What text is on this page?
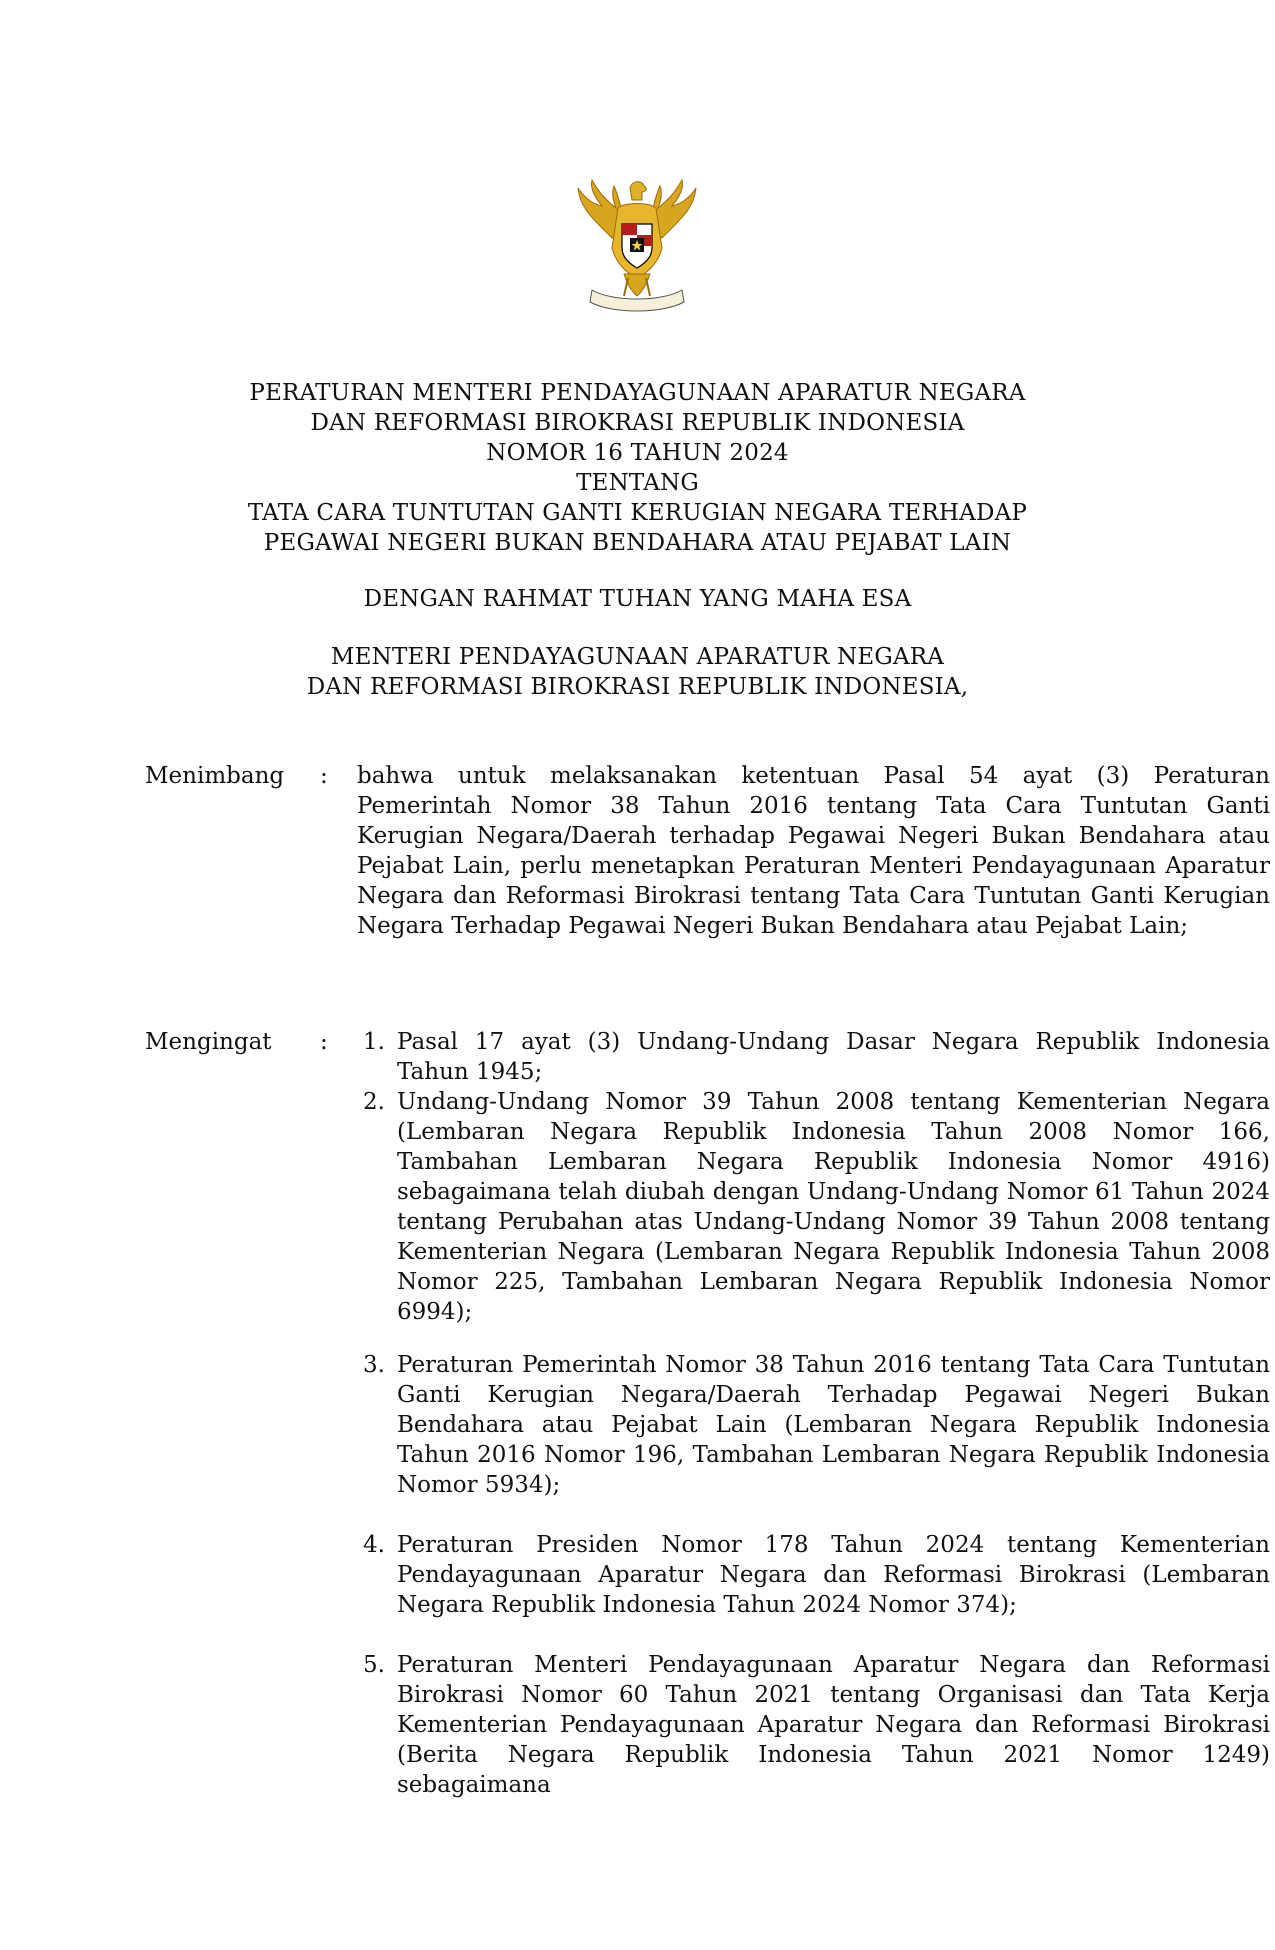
PERATURAN MENTERI PENDAYAGUNAAN APARATUR NEGARA
DAN REFORMASI BIROKRASI REPUBLIK INDONESIA
NOMOR 16 TAHUN 2024
TENTANG
TATA CARA TUNTUTAN GANTI KERUGIAN NEGARA TERHADAP
PEGAWAI NEGERI BUKAN BENDAHARA ATAU PEJABAT LAIN
DENGAN RAHMAT TUHAN YANG MAHA ESA
MENTERI PENDAYAGUNAAN APARATUR NEGARA
DAN REFORMASI BIROKRASI REPUBLIK INDONESIA,
Menimbang	:	bahwa untuk melaksanakan ketentuan Pasal 54 ayat (3) Peraturan Pemerintah Nomor 38 Tahun 2016 tentang Tata Cara Tuntutan Ganti Kerugian Negara/Daerah terhadap Pegawai Negeri Bukan Bendahara atau Pejabat Lain, perlu menetapkan Peraturan Menteri Pendayagunaan Aparatur Negara dan Reformasi Birokrasi tentang Tata Cara Tuntutan Ganti Kerugian Negara Terhadap Pegawai Negeri Bukan Bendahara atau Pejabat Lain;
Mengingat	:	1. Pasal 17 ayat (3) Undang-Undang Dasar Negara Republik Indonesia Tahun 1945;
2. Undang-Undang Nomor 39 Tahun 2008 tentang Kementerian Negara (Lembaran Negara Republik Indonesia Tahun 2008 Nomor 166, Tambahan Lembaran Negara Republik Indonesia Nomor 4916) sebagaimana telah diubah dengan Undang-Undang Nomor 61 Tahun 2024 tentang Perubahan atas Undang-Undang Nomor 39 Tahun 2008 tentang Kementerian Negara (Lembaran Negara Republik Indonesia Tahun 2008 Nomor 225, Tambahan Lembaran Negara Republik Indonesia Nomor 6994);
3. Peraturan Pemerintah Nomor 38 Tahun 2016 tentang Tata Cara Tuntutan Ganti Kerugian Negara/Daerah Terhadap Pegawai Negeri Bukan Bendahara atau Pejabat Lain (Lembaran Negara Republik Indonesia Tahun 2016 Nomor 196, Tambahan Lembaran Negara Republik Indonesia Nomor 5934);
4. Peraturan Presiden Nomor 178 Tahun 2024 tentang Kementerian Pendayagunaan Aparatur Negara dan Reformasi Birokrasi (Lembaran Negara Republik Indonesia Tahun 2024 Nomor 374);
5. Peraturan Menteri Pendayagunaan Aparatur Negara dan Reformasi Birokrasi Nomor 60 Tahun 2021 tentang Organisasi dan Tata Kerja Kementerian Pendayagunaan Aparatur Negara dan Reformasi Birokrasi (Berita Negara Republik Indonesia Tahun 2021 Nomor 1249) sebagaimana
